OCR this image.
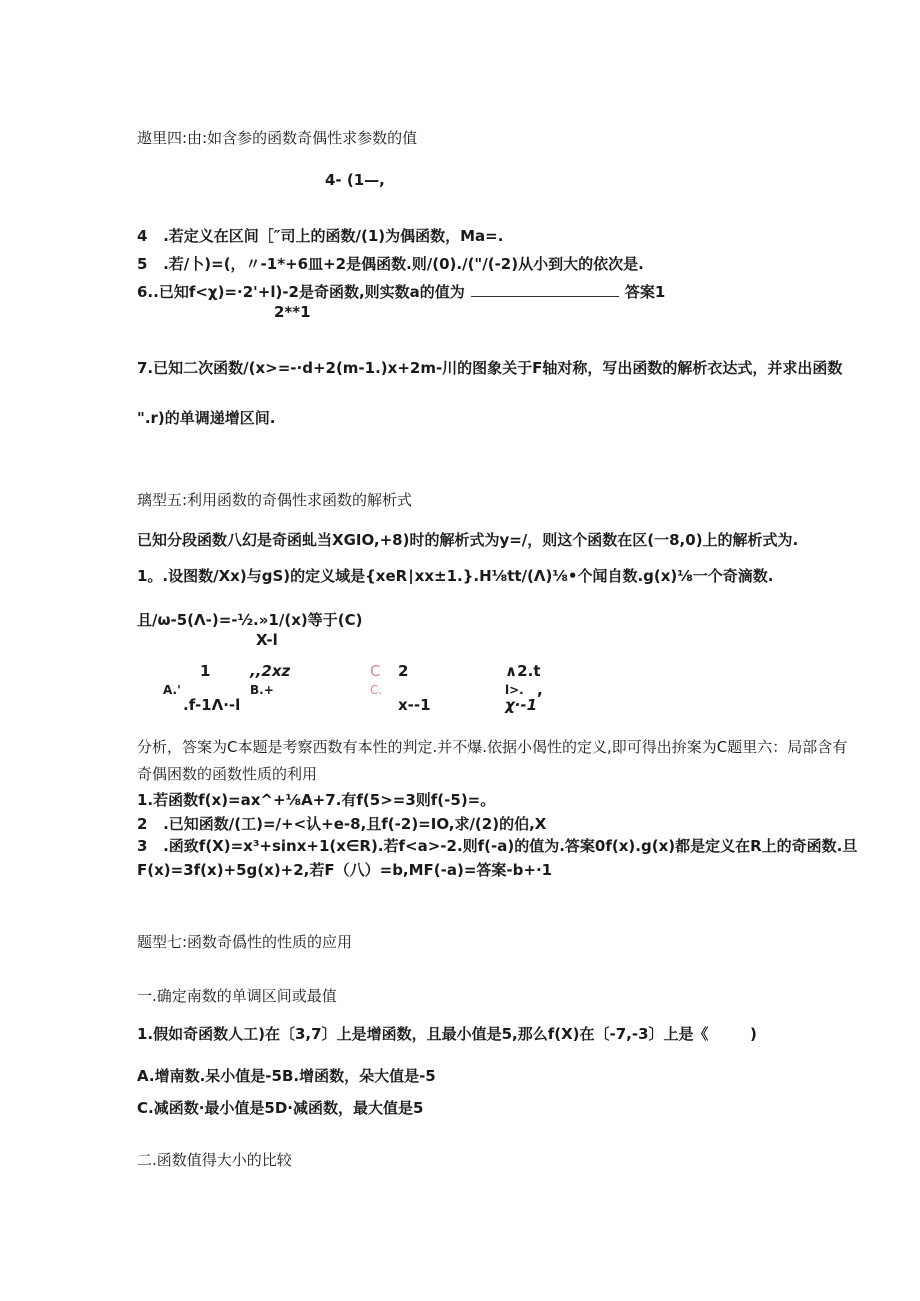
遨里四:由:如含参的函数奇偶性求参数的值
4- (1—,
4   .若定义在区间［″司上的函数/(1)为偶函数，Ma=.
5   .若/卜)=(，〃-1*+6皿+2是偶函数.则/(0)./("/(-2)从小到大的依次是.
6..已知f<χ)=·2'+l)-2是奇函数,则实数a的值为	答案1
2**1
7.已知二次函数/(x>=-·d+2(m-1.)x+2m-川的图象关于F轴对称，写出函数的解析衣达式，并求出函数
".r)的单调递增区间.
璃型五:利用函数的奇偶性求函数的解析式
已知分段函数八幻是奇函虬当XGIO,+8)时的解析式为y=/，则这个函数在区(一8,0)上的解析式为.
1。.设图数/Xx)与gS)的定义域是{xeR∣xx±1.}.H⅛tt/(Λ)⅛•个闻自数.g(x)⅛一个奇滴数.
且/ω-5(Λ-)=-½.»1/(x)等于(C)
X-l
1
A.'
.f-1Λ·-l
,,2xz
B.+
C 2
C.
x--1
∧2.t
l>. ,
χ·-1
分析，答案为C本题是考察西数有本性的判定.并不爆.依据小偈性的定义,即可得出拚案为C题里六：局部含有
奇偶困数的函数性质的利用
1.若函数f(x)=ax^+⅛A+7.有f(5>=3则f(-5)=。
2   .已知函数/(工)=/+<认+e-8,且f(-2)=IO,求/(2)的伯,X
3   .函致f(X)=x³+sinx+1(x∈R).若f<a>-2.则f(-a)的值为.答案0f(x).g(x)都是定义在R上的奇函数.旦
F(x)=3f(x)+5g(x)+2,若F（八）=b,MF(-a)=答案-b+·1
题型七:函数奇僞性的性质的应用
一.确定南数的单调区间或最值
1.假如奇函数人工)在〔3,7〕上是增函数，且最小值是5,那么f(X)在〔-7,-3〕上是《	)
A.增南数.呆小值是-5B.增函数，朵大值是-5
C.减函数·最小值是5D·减函数，最大值是5
二.函数值得大小的比较
